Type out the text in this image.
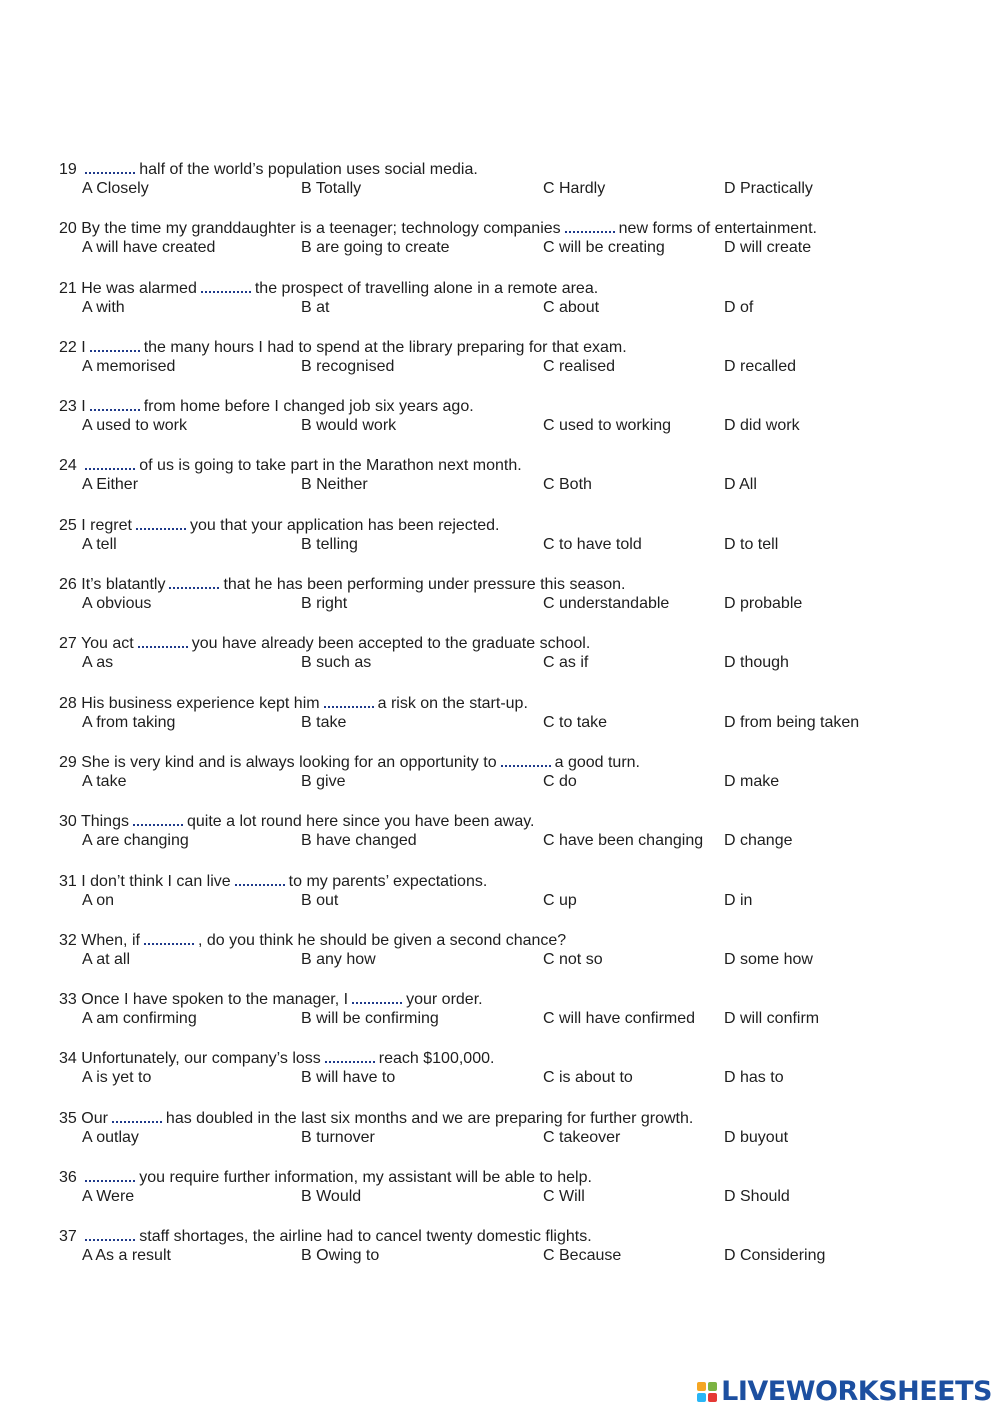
19	half of the world’s population uses social media.
A Closely	B Totally	C Hardly	D Practically
20 By the time my granddaughter is a teenager; technology companies	new forms of entertainment.
A will have created	B are going to create	C will be creating	D will create
21 He was alarmed	the prospect of travelling alone in a remote area.
A with	B at	C about	D of
22 I	the many hours I had to spend at the library preparing for that exam.
A memorised	B recognised	C realised	D recalled
23 I	from home before I changed job six years ago.
A used to work	B would work	C used to working	D did work
24	of us is going to take part in the Marathon next month.
A Either	B Neither	C Both	D All
25 I regret	you that your application has been rejected.
A tell	B telling	C to have told	D to tell
26 It’s blatantly	that he has been performing under pressure this season.
A obvious	B right	C understandable	D probable
27 You act	you have already been accepted to the graduate school.
A as	B such as	C as if	D though
28 His business experience kept him	a risk on the start-up.
A from taking	B take	C to take	D from being taken
29 She is very kind and is always looking for an opportunity to	a good turn.
A take	B give	C do	D make
30 Things	quite a lot round here since you have been away.
A are changing	B have changed	C have been changing D change
31 I don’t think I can live	to my parents’ expectations.
A on	B out	C up	D in
32 When, if	, do you think he should be given a second chance?
A at all	B any how	C not so	D some how
33 Once I have spoken to the manager, I	your order.
A am confirming	B will be confirming	C will have confirmed D will confirm
34 Unfortunately, our company’s loss	reach $100,000.
A is yet to	B will have to	C is about to	D has to
35 Our	has doubled in the last six months and we are preparing for further growth.
A outlay	B turnover	C takeover	D buyout
36	you require further information, my assistant will be able to help.
A Were	B Would	C Will	D Should
37	staff shortages, the airline had to cancel twenty domestic flights.
A As a result	B Owing to	C Because	D Considering
LIVEWORKSHEETS
